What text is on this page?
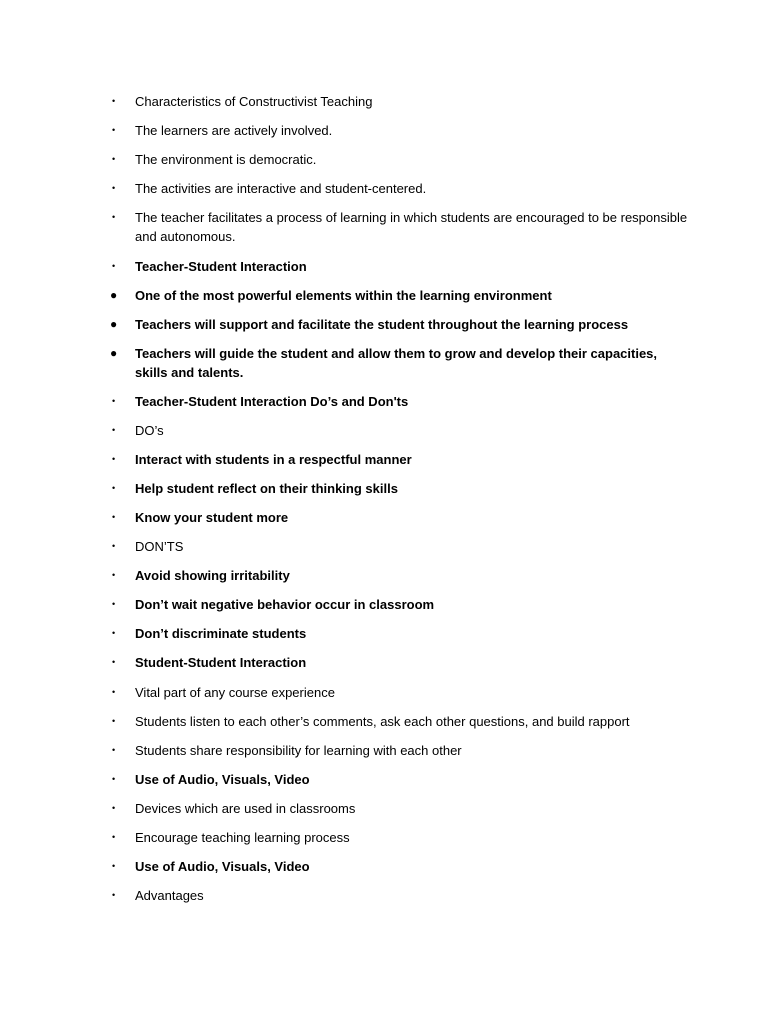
•	Characteristics of Constructivist Teaching
•	The learners are actively involved.
•	The environment is democratic.
•	The activities are interactive and student-centered.
•	The teacher facilitates a process of learning in which students are encouraged to be responsible and autonomous.
•	Teacher-Student Interaction
●	One of the most powerful elements within the learning environment
●	Teachers will support and facilitate the student throughout the learning process
●	Teachers will guide the student and allow them to grow and develop their capacities, skills and talents.
•	Teacher-Student Interaction Do’s and Don'ts
•	DO’s
•	Interact with students in a respectful manner
•	Help student reflect on their thinking skills
•	Know your student more
•	DON’TS
•	Avoid showing irritability
•	Don’t wait negative behavior occur in classroom
•	Don’t discriminate students
•	Student-Student Interaction
•	Vital part of any course experience
•	Students listen to each other’s comments, ask each other questions, and build rapport
•	Students share responsibility for learning with each other
•	Use of Audio, Visuals, Video
•	Devices which are used in classrooms
•	Encourage teaching learning process
•	Use of Audio, Visuals, Video
•	Advantages
